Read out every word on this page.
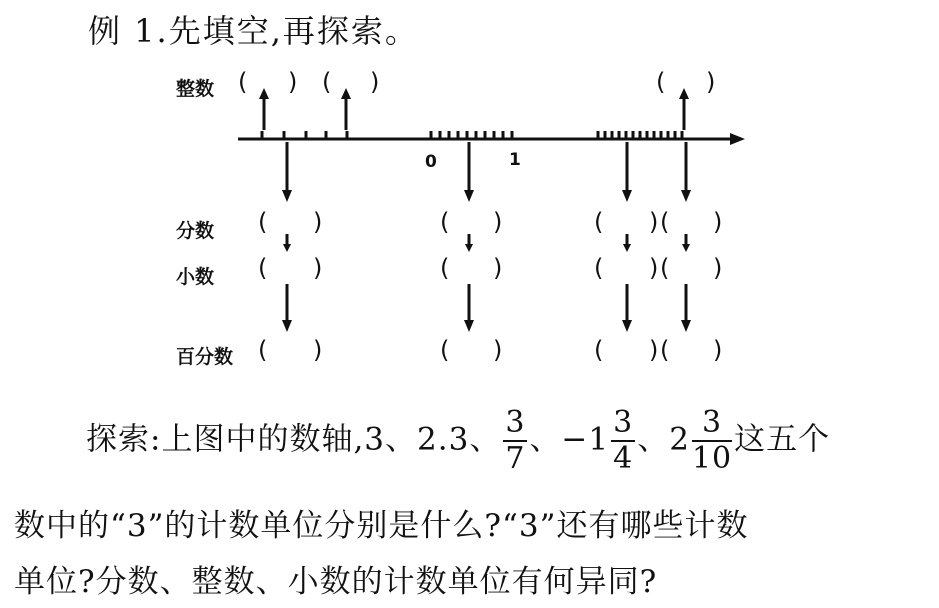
例 1.先填空,再探索。
整数
分数
小数
百分数
0	1
( ) ( )	( )
( )	( )	( ) ( )
( )	( )	( ) ( )
( )	( )	( ) ( )
探索:上图中的数轴,3、2.3、 $\frac{3}{7}$ 、$-1 \frac{3}{4}$ 、$2 \frac{3}{10}$ 这五个
数中的“3”的计数单位分别是什么?“3”还有哪些计数
单位?分数、整数、小数的计数单位有何异同?
